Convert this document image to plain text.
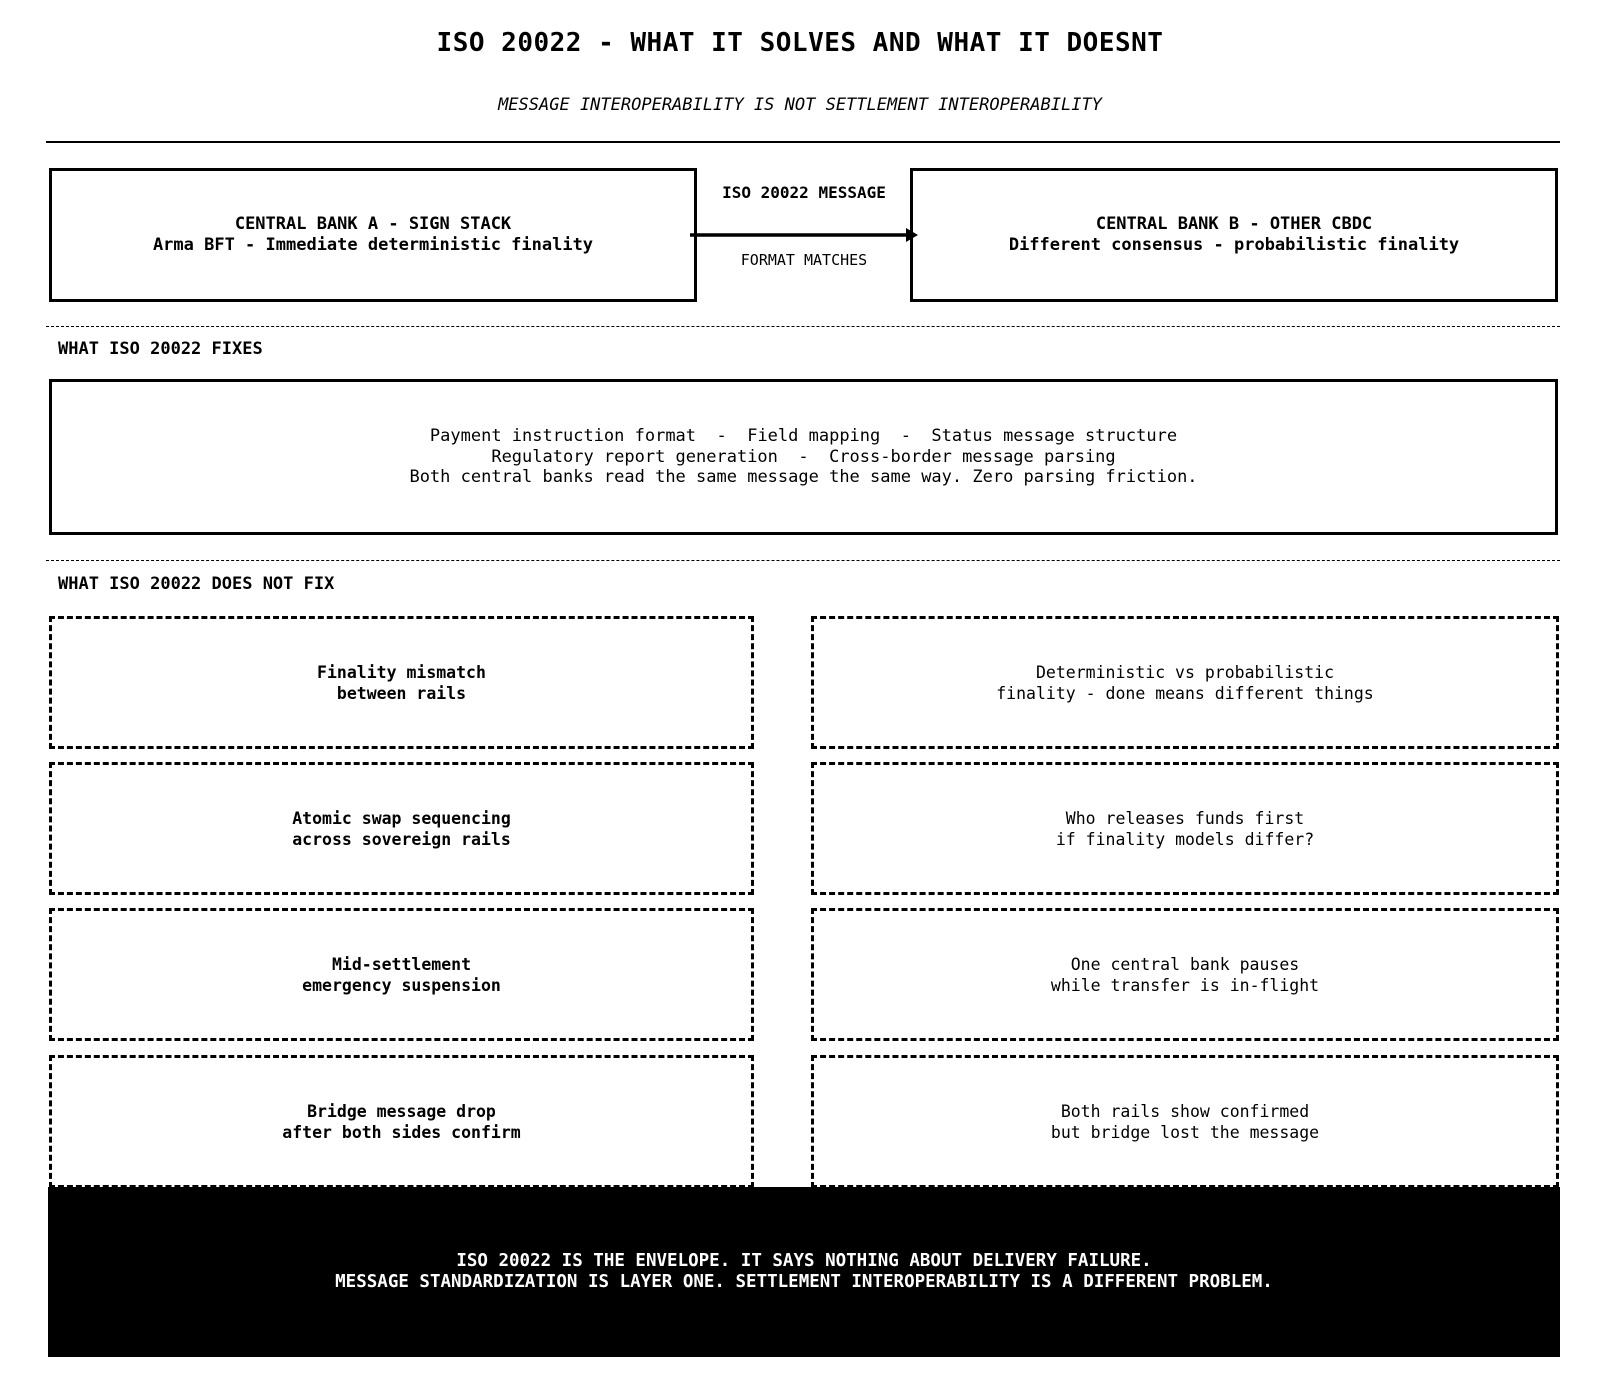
ISO 20022 - WHAT IT SOLVES AND WHAT IT DOESNT
MESSAGE INTEROPERABILITY IS NOT SETTLEMENT INTEROPERABILITY
CENTRAL BANK A - SIGN STACK
Arma BFT - Immediate deterministic finality
ISO 20022 MESSAGE
FORMAT MATCHES
CENTRAL BANK B - OTHER CBDC
Different consensus - probabilistic finality
WHAT ISO 20022 FIXES
Payment instruction format  -  Field mapping  -  Status message structure
Regulatory report generation  -  Cross-border message parsing
Both central banks read the same message the same way. Zero parsing friction.
WHAT ISO 20022 DOES NOT FIX
Finality mismatch
between rails
Deterministic vs probabilistic
finality - done means different things
Atomic swap sequencing
across sovereign rails
Who releases funds first
if finality models differ?
Mid-settlement
emergency suspension
One central bank pauses
while transfer is in-flight
Bridge message drop
after both sides confirm
Both rails show confirmed
but bridge lost the message
ISO 20022 IS THE ENVELOPE. IT SAYS NOTHING ABOUT DELIVERY FAILURE.
MESSAGE STANDARDIZATION IS LAYER ONE. SETTLEMENT INTEROPERABILITY IS A DIFFERENT PROBLEM.
